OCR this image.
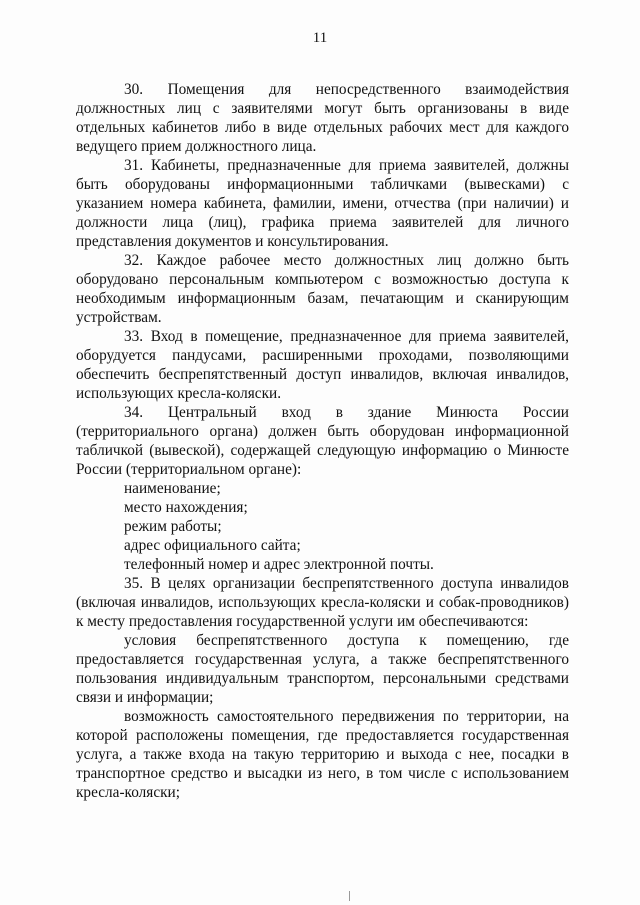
11

30. Помещения для непосредственного взаимодействия должностных лиц с заявителями могут быть организованы в виде отдельных кабинетов либо в виде отдельных рабочих мест для каждого ведущего прием должностного лица.

31. Кабинеты, предназначенные для приема заявителей, должны быть оборудованы информационными табличками (вывесками) с указанием номера кабинета, фамилии, имени, отчества (при наличии) и должности лица (лиц), графика приема заявителей для личного представления документов и консультирования.

32. Каждое рабочее место должностных лиц должно быть оборудовано персональным компьютером с возможностью доступа к необходимым информационным базам, печатающим и сканирующим устройствам.

33. Вход в помещение, предназначенное для приема заявителей, оборудуется пандусами, расширенными проходами, позволяющими обеспечить беспрепятственный доступ инвалидов, включая инвалидов, использующих кресла-коляски.

34. Центральный вход в здание Минюста России (территориального органа) должен быть оборудован информационной табличкой (вывеской), содержащей следующую информацию о Минюсте России (территориальном органе):

наименование;

место нахождения;

режим работы;

адрес официального сайта;

телефонный номер и адрес электронной почты.

35. В целях организации беспрепятственного доступа инвалидов (включая инвалидов, использующих кресла-коляски и собак-проводников) к месту предоставления государственной услуги им обеспечиваются:

условия беспрепятственного доступа к помещению, где предоставляется государственная услуга, а также беспрепятственного пользования индивидуальным транспортом, персональными средствами связи и информации;

возможность самостоятельного передвижения по территории, на которой расположены помещения, где предоставляется государственная услуга, а также входа на такую территорию и выхода с нее, посадки в транспортное средство и высадки из него, в том числе с использованием кресла-коляски;
